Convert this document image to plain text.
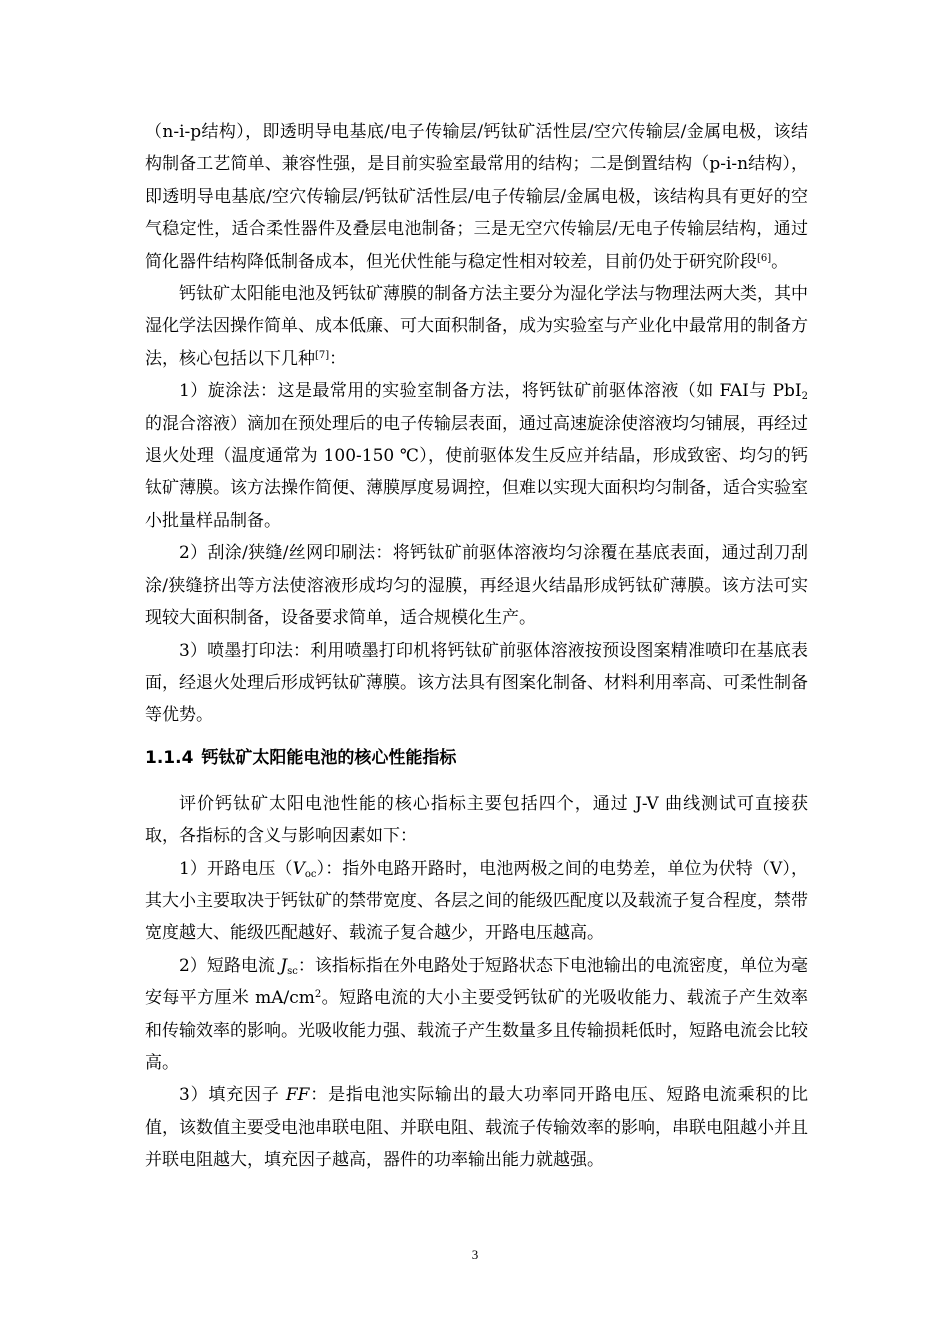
（n-i-p结构），即透明导电基底/电子传输层/钙钛矿活性层/空穴传输层/金属电极，该结构制备工艺简单、兼容性强，是目前实验室最常用的结构；二是倒置结构（p-i-n结构），即透明导电基底/空穴传输层/钙钛矿活性层/电子传输层/金属电极，该结构具有更好的空气稳定性，适合柔性器件及叠层电池制备；三是无空穴传输层/无电子传输层结构，通过简化器件结构降低制备成本，但光伏性能与稳定性相对较差，目前仍处于研究阶段[6]。

钙钛矿太阳能电池及钙钛矿薄膜的制备方法主要分为湿化学法与物理法两大类，其中湿化学法因操作简单、成本低廉、可大面积制备，成为实验室与产业化中最常用的制备方法，核心包括以下几种[7]：

1）旋涂法：这是最常用的实验室制备方法，将钙钛矿前驱体溶液（如 FAI与 PbI$_2$的混合溶液）滴加在预处理后的电子传输层表面，通过高速旋涂使溶液均匀铺展，再经过退火处理（温度通常为 100-150 ℃），使前驱体发生反应并结晶，形成致密、均匀的钙钛矿薄膜。该方法操作简便、薄膜厚度易调控，但难以实现大面积均匀制备，适合实验室小批量样品制备。

2）刮涂/狭缝/丝网印刷法：将钙钛矿前驱体溶液均匀涂覆在基底表面，通过刮刀刮涂/狭缝挤出等方法使溶液形成均匀的湿膜，再经退火结晶形成钙钛矿薄膜。该方法可实现较大面积制备，设备要求简单，适合规模化生产。

3）喷墨打印法：利用喷墨打印机将钙钛矿前驱体溶液按预设图案精准喷印在基底表面，经退火处理后形成钙钛矿薄膜。该方法具有图案化制备、材料利用率高、可柔性制备等优势。

1.1.4 钙钛矿太阳能电池的核心性能指标

评价钙钛矿太阳电池性能的核心指标主要包括四个，通过 J-V 曲线测试可直接获取，各指标的含义与影响因素如下：

1）开路电压$(V_{oc})$：指外电路开路时，电池两极之间的电势差，单位为伏特（V），其大小主要取决于钙钛矿的禁带宽度、各层之间的能级匹配度以及载流子复合程度，禁带宽度越大、能级匹配越好、载流子复合越少，开路电压越高。

2）短路电流 $J_{sc}$：该指标指在外电路处于短路状态下电池输出的电流密度，单位为毫安每平方厘米 $mA/cm^2$。短路电流的大小主要受钙钛矿的光吸收能力、载流子产生效率和传输效率的影响。光吸收能力强、载流子产生数量多且传输损耗低时，短路电流会比较高。

3）填充因子 FF：是指电池实际输出的最大功率同开路电压、短路电流乘积的比值，该数值主要受电池串联电阻、并联电阻、载流子传输效率的影响，串联电阻越小并且并联电阻越大，填充因子越高，器件的功率输出能力就越强。

3
